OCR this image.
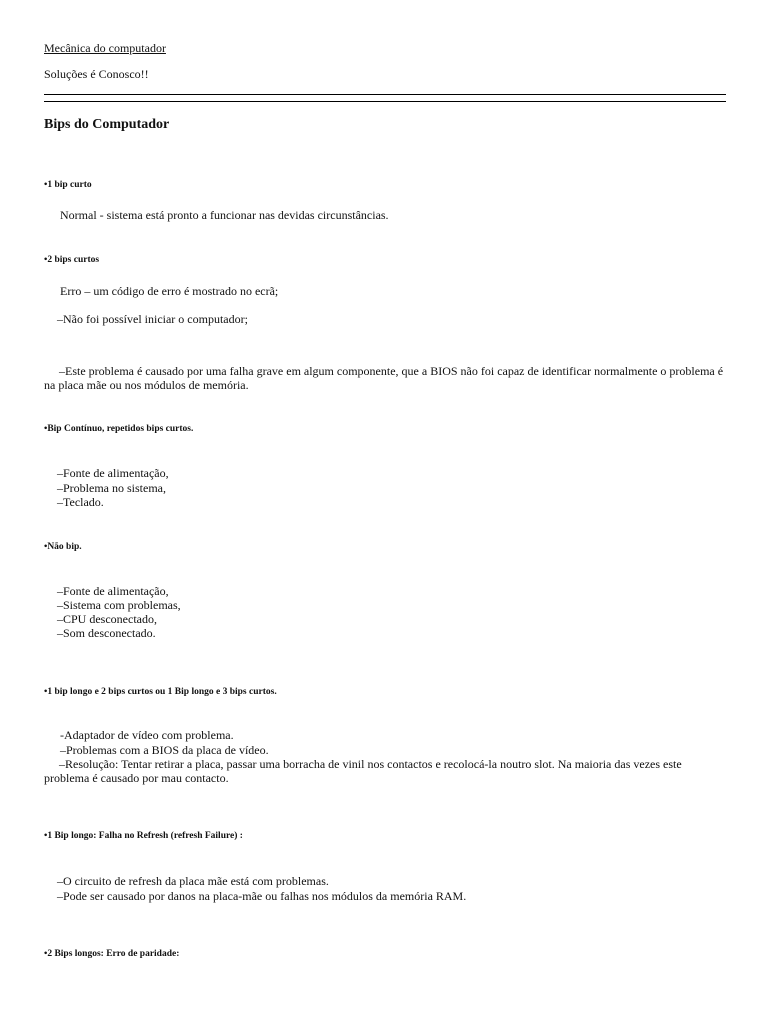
Mecânica do computador
Soluções é Conosco!!
Bips do Computador
•1 bip curto
Normal - sistema está pronto a funcionar nas devidas circunstâncias.
•2 bips curtos
Erro – um código de erro é mostrado no ecrã;
–Não foi possível iniciar o computador;
–Este problema é causado por uma falha grave em algum componente, que a BIOS não foi capaz de identificar normalmente o problema é na placa mãe ou nos módulos de memória.
•Bip Contínuo, repetidos bips curtos.
–Fonte de alimentação,
–Problema no sistema,
–Teclado.
•Não bip.
–Fonte de alimentação,
–Sistema com problemas,
–CPU desconectado,
–Som desconectado.
•1 bip longo e 2 bips curtos ou 1 Bip longo e 3 bips curtos.
-Adaptador de vídeo com problema.
–Problemas com a BIOS da placa de vídeo.
–Resolução: Tentar retirar a placa, passar uma borracha de vinil nos contactos e recolocá-la noutro slot. Na maioria das vezes este problema é causado por mau contacto.
•1 Bip longo: Falha no Refresh (refresh Failure) :
–O circuito de refresh da placa mãe está com problemas.
–Pode ser causado por danos na placa-mãe ou falhas nos módulos da memória RAM.
•2 Bips longos: Erro de paridade:
